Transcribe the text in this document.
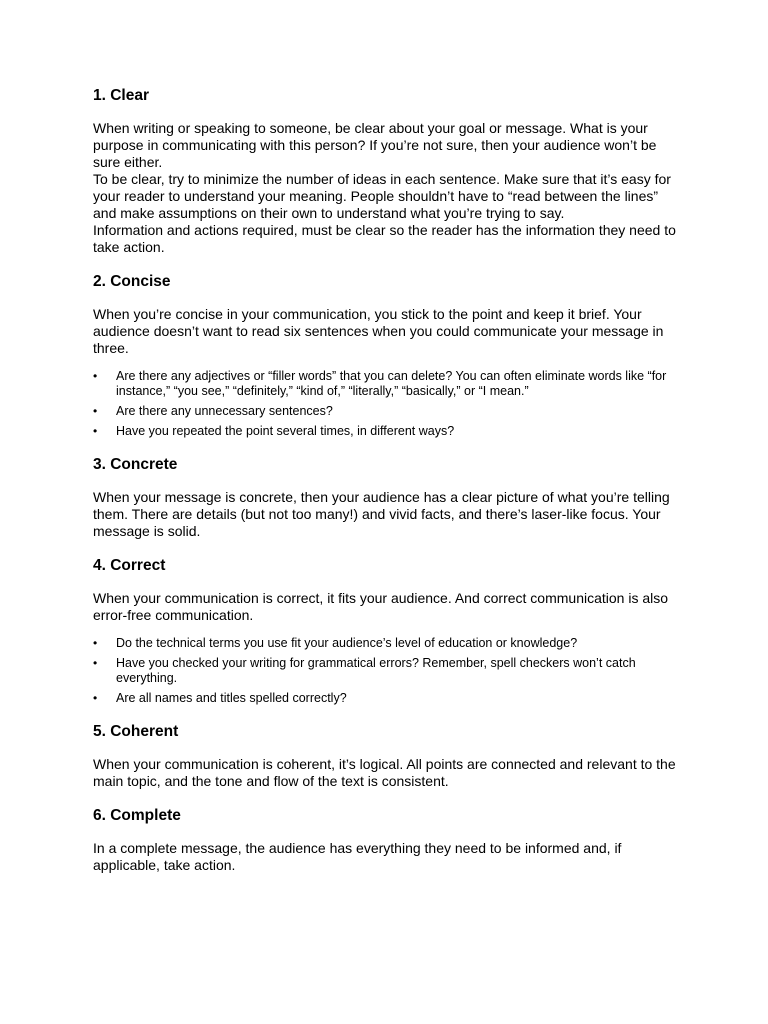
1. Clear

When writing or speaking to someone, be clear about your goal or message. What is your purpose in communicating with this person? If you’re not sure, then your audience won’t be sure either.

To be clear, try to minimize the number of ideas in each sentence. Make sure that it’s easy for your reader to understand your meaning. People shouldn’t have to “read between the lines” and make assumptions on their own to understand what you’re trying to say.

Information and actions required, must be clear so the reader has the information they need to take action.

2. Concise

When you’re concise in your communication, you stick to the point and keep it brief. Your audience doesn’t want to read six sentences when you could communicate your message in three.

• Are there any adjectives or “filler words” that you can delete? You can often eliminate words like “for instance,” “you see,” “definitely,” “kind of,” “literally,” “basically,” or “I mean.”
• Are there any unnecessary sentences?
• Have you repeated the point several times, in different ways?
3. Concrete

When your message is concrete, then your audience has a clear picture of what you’re telling them. There are details (but not too many!) and vivid facts, and there’s laser-like focus. Your message is solid.

4. Correct

When your communication is correct, it fits your audience. And correct communication is also error-free communication.

• Do the technical terms you use fit your audience’s level of education or knowledge?
• Have you checked your writing for grammatical errors? Remember, spell checkers won’t catch everything.
• Are all names and titles spelled correctly?
5. Coherent

When your communication is coherent, it’s logical. All points are connected and relevant to the main topic, and the tone and flow of the text is consistent.

6. Complete

In a complete message, the audience has everything they need to be informed and, if applicable, take action.
